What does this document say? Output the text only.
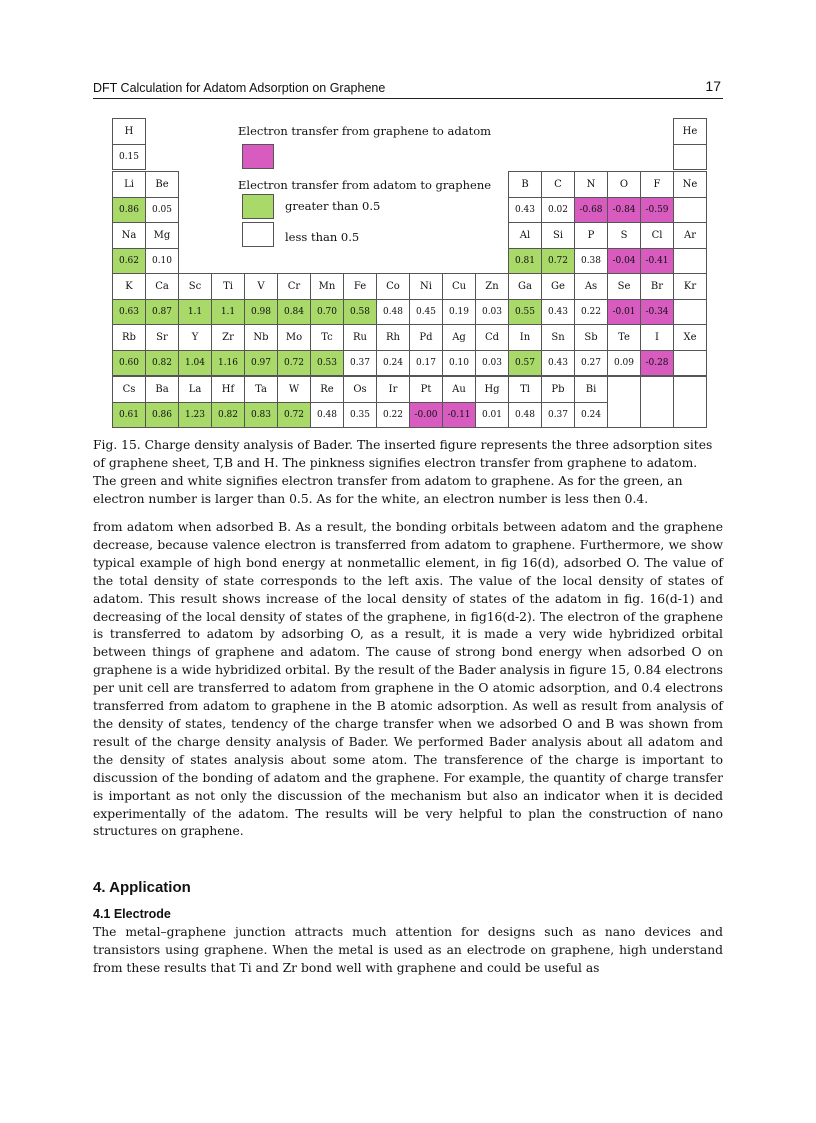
DFT Calculation for Adatom Adsorption on Graphene	17
Electron transfer from graphene to adatom
Electron transfer from adatom to graphene
greater than 0.5
less than 0.5
H
0.15
He
Li
0.86
Be
0.05
B
0.43
C
0.02
N
-0.68
O
-0.84
F
-0.59
Ne
Na
0.62
Mg
0.10
Al
0.81
Si
0.72
P
0.38
S
-0.04
Cl
-0.41
Ar
K
0.63
Ca
0.87
Sc
1.1
Ti
1.1
V
0.98
Cr
0.84
Mn
0.70
Fe
0.58
Co
0.48
Ni
0.45
Cu
0.19
Zn
0.03
Ga
0.55
Ge
0.43
As
0.22
Se
-0.01
Br
-0.34
Kr
Rb
0.60
Sr
0.82
Y
1.04
Zr
1.16
Nb
0.97
Mo
0.72
Tc
0.53
Ru
0.37
Rh
0.24
Pd
0.17
Ag
0.10
Cd
0.03
In
0.57
Sn
0.43
Sb
0.27
Te
0.09
I
-0.28
Xe
Cs
0.61
Ba
0.86
La
1.23
Hf
0.82
Ta
0.83
W
0.72
Re
0.48
Os
0.35
Ir
0.22
Pt
-0.00
Au
-0.11
Hg
0.01
Tl
0.48
Pb
0.37
Bi
0.24

Fig. 15. Charge density analysis of Bader. The inserted figure represents the three adsorption sites of graphene sheet, T,B and H. The pinkness signifies electron transfer from graphene to adatom. The green and white signifies electron transfer from adatom to graphene. As for the green, an electron number is larger than 0.5. As for the white, an electron number is less then 0.4.

from adatom when adsorbed B. As a result, the bonding orbitals between adatom and the graphene decrease, because valence electron is transferred from adatom to graphene. Furthermore, we show typical example of high bond energy at nonmetallic element, in fig 16(d), adsorbed O. The value of the total density of state corresponds to the left axis. The value of the local density of states of adatom. This result shows increase of the local density of states of the adatom in fig. 16(d-1) and decreasing of the local density of states of the graphene, in fig16(d-2). The electron of the graphene is transferred to adatom by adsorbing O, as a result, it is made a very wide hybridized orbital between things of graphene and adatom. The cause of strong bond energy when adsorbed O on graphene is a wide hybridized orbital. By the result of the Bader analysis in figure 15, 0.84 electrons per unit cell are transferred to adatom from graphene in the O atomic adsorption, and 0.4 electrons transferred from adatom to graphene in the B atomic adsorption. As well as result from analysis of the density of states, tendency of the charge transfer when we adsorbed O and B was shown from result of the charge density analysis of Bader. We performed Bader analysis about all adatom and the density of states analysis about some atom. The transference of the charge is important to discussion of the bonding of adatom and the graphene. For example, the quantity of charge transfer is important as not only the discussion of the mechanism but also an indicator when it is decided experimentally of the adatom. The results will be very helpful to plan the construction of nano structures on graphene.

4. Application
4.1 Electrode

The metal–graphene junction attracts much attention for designs such as nano devices and transistors using graphene. When the metal is used as an electrode on graphene, high understand from these results that Ti and Zr bond well with graphene and could be useful as
